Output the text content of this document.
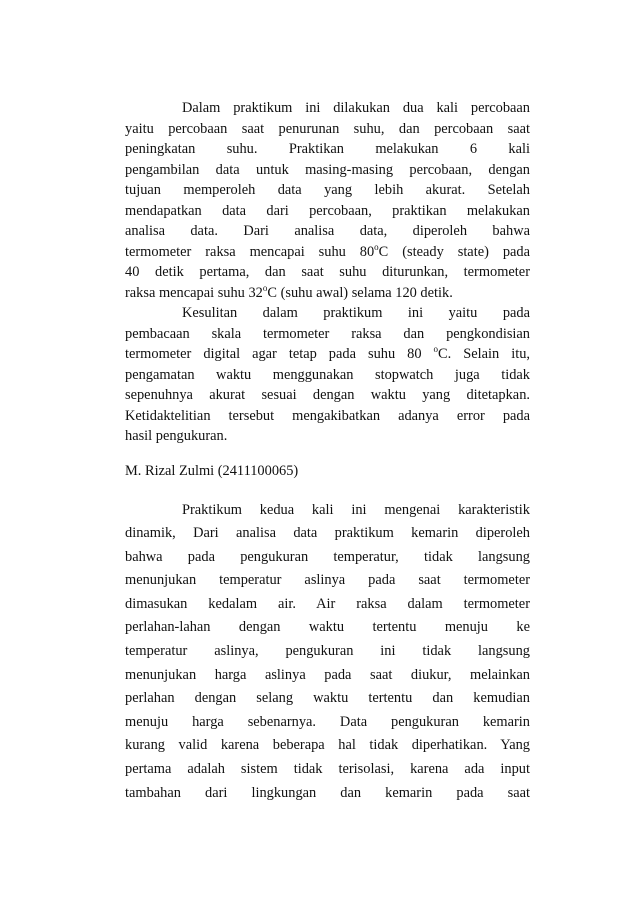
Dalam praktikum ini dilakukan dua kali percobaan
yaitu percobaan saat penurunan suhu, dan percobaan saat
peningkatan suhu. Praktikan melakukan 6 kali
pengambilan data untuk masing-masing percobaan, dengan
tujuan memperoleh data yang lebih akurat. Setelah
mendapatkan data dari percobaan, praktikan melakukan
analisa data. Dari analisa data, diperoleh bahwa
termometer raksa mencapai suhu 80$^o$C (steady state) pada
40 detik pertama, dan saat suhu diturunkan, termometer
raksa mencapai suhu 32$^o$C (suhu awal) selama 120 detik.
Kesulitan dalam praktikum ini yaitu pada
pembacaan skala termometer raksa dan pengkondisian
termometer digital agar tetap pada suhu 80 $^o$C. Selain itu,
pengamatan waktu menggunakan stopwatch juga tidak
sepenuhnya akurat sesuai dengan waktu yang ditetapkan.
Ketidaktelitian tersebut mengakibatkan adanya error pada
hasil pengukuran.
M. Rizal Zulmi (2411100065)
Praktikum kedua kali ini mengenai karakteristik
dinamik, Dari analisa data praktikum kemarin diperoleh
bahwa pada pengukuran temperatur, tidak langsung
menunjukan temperatur aslinya pada saat termometer
dimasukan kedalam air. Air raksa dalam termometer
perlahan-lahan dengan waktu tertentu menuju ke
temperatur aslinya, pengukuran ini tidak langsung
menunjukan harga aslinya pada saat diukur, melainkan
perlahan dengan selang waktu tertentu dan kemudian
menuju harga sebenarnya. Data pengukuran kemarin
kurang valid karena beberapa hal tidak diperhatikan. Yang
pertama adalah sistem tidak terisolasi, karena ada input
tambahan dari lingkungan dan kemarin pada saat
